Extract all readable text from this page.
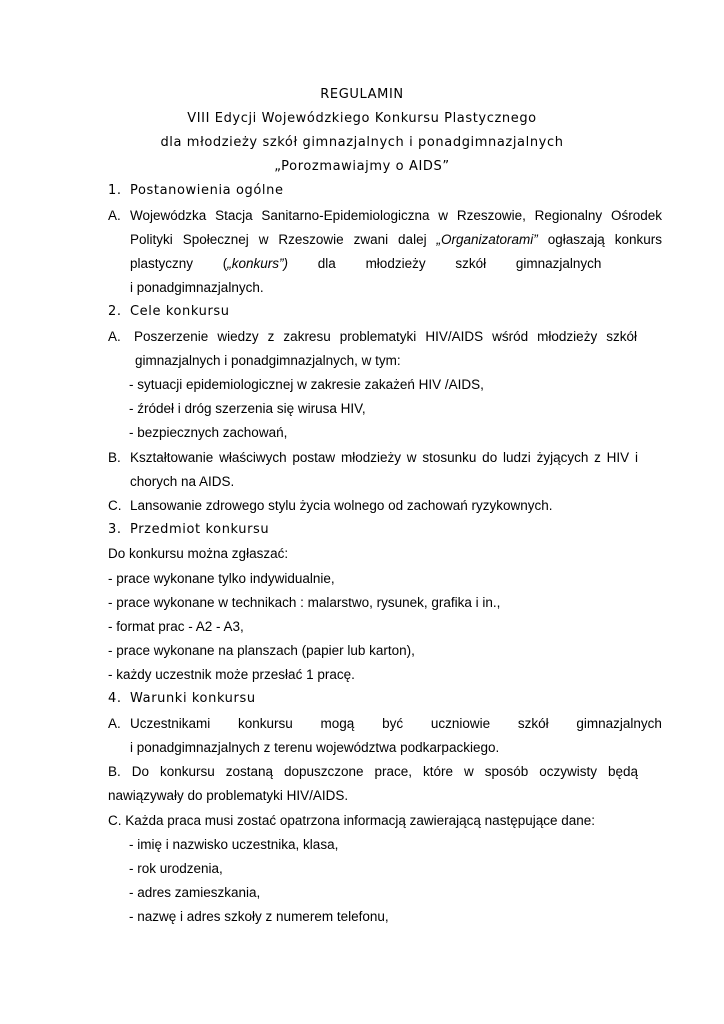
REGULAMIN
VIII Edycji Wojewódzkiego Konkursu Plastycznego
dla młodzieży szkół gimnazjalnych i ponadgimnazjalnych
„Porozmawiajmy o AIDS”
1. Postanowienia ogólne
A. Wojewódzka Stacja Sanitarno-Epidemiologiczna w Rzeszowie, Regionalny Ośrodek
Polityki Społecznej w Rzeszowie zwani dalej „Organizatorami” ogłaszają konkurs
plastyczny („konkurs”) dla młodzieży szkół gimnazjalnych
i ponadgimnazjalnych.
2. Cele konkursu
A. Poszerzenie wiedzy z zakresu problematyki HIV/AIDS wśród młodzieży szkół
gimnazjalnych i ponadgimnazjalnych, w tym:
- sytuacji epidemiologicznej w zakresie zakażeń HIV /AIDS,
- źródeł i dróg szerzenia się wirusa HIV,
- bezpiecznych zachowań,
B. Kształtowanie właściwych postaw młodzieży w stosunku do ludzi żyjących z HIV i
chorych na AIDS.
C. Lansowanie zdrowego stylu życia wolnego od zachowań ryzykownych.
3. Przedmiot konkursu
Do konkursu można zgłaszać:
- prace wykonane tylko indywidualnie,
- prace wykonane w technikach : malarstwo, rysunek, grafika i in.,
- format prac - A2 - A3,
- prace wykonane na planszach (papier lub karton),
- każdy uczestnik może przesłać 1 pracę.
4. Warunki konkursu
A. Uczestnikami konkursu mogą być uczniowie szkół gimnazjalnych
i ponadgimnazjalnych z terenu województwa podkarpackiego.
B. Do konkursu zostaną dopuszczone prace, które w sposób oczywisty będą
nawiązywały do problematyki HIV/AIDS.
C. Każda praca musi zostać opatrzona informacją zawierającą następujące dane:
- imię i nazwisko uczestnika, klasa,
- rok urodzenia,
- adres zamieszkania,
- nazwę i adres szkoły z numerem telefonu,
